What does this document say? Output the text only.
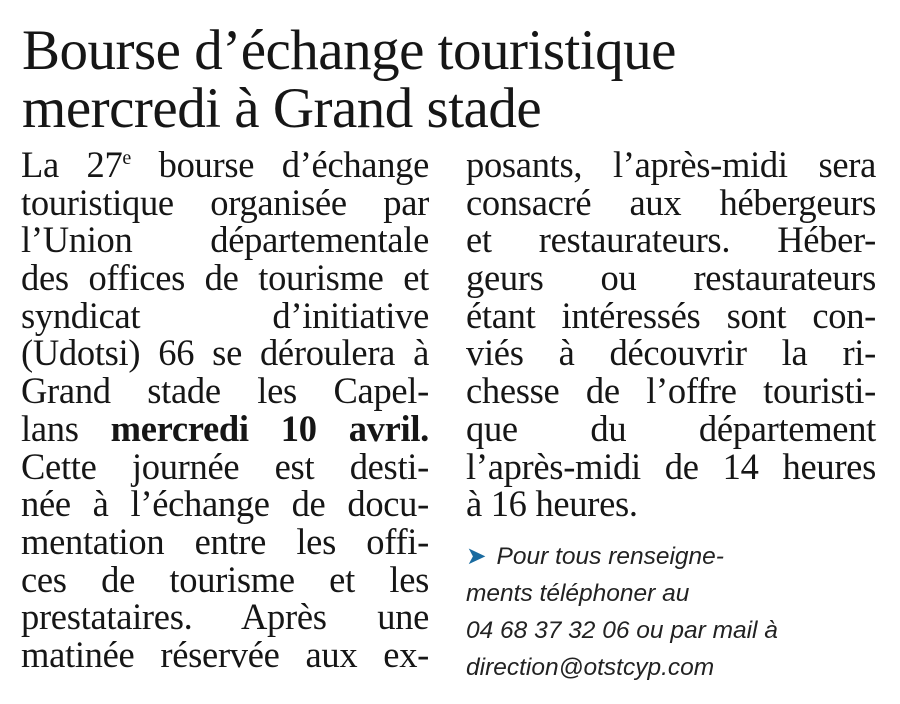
Bourse d’échange touristique
mercredi à Grand stade
La 27e bourse d’échange
touristique organisée par
l’Union départementale
des offices de tourisme et
syndicat d’initiative
(Udotsi) 66 se déroulera à
Grand stade les Capel-
lans mercredi 10 avril.
Cette journée est desti-
née à l’échange de docu-
mentation entre les offi-
ces de tourisme et les
prestataires. Après une
matinée réservée aux ex-
posants, l’après-midi sera
consacré aux hébergeurs
et restaurateurs. Héber-
geurs ou restaurateurs
étant intéressés sont con-
viés à découvrir la ri-
chesse de l’offre touristi-
que du département
l’après-midi de 14 heures
à 16 heures.
➤ Pour tous renseigne-
ments téléphoner au
04 68 37 32 06 ou par mail à
direction@otstcyp.com
